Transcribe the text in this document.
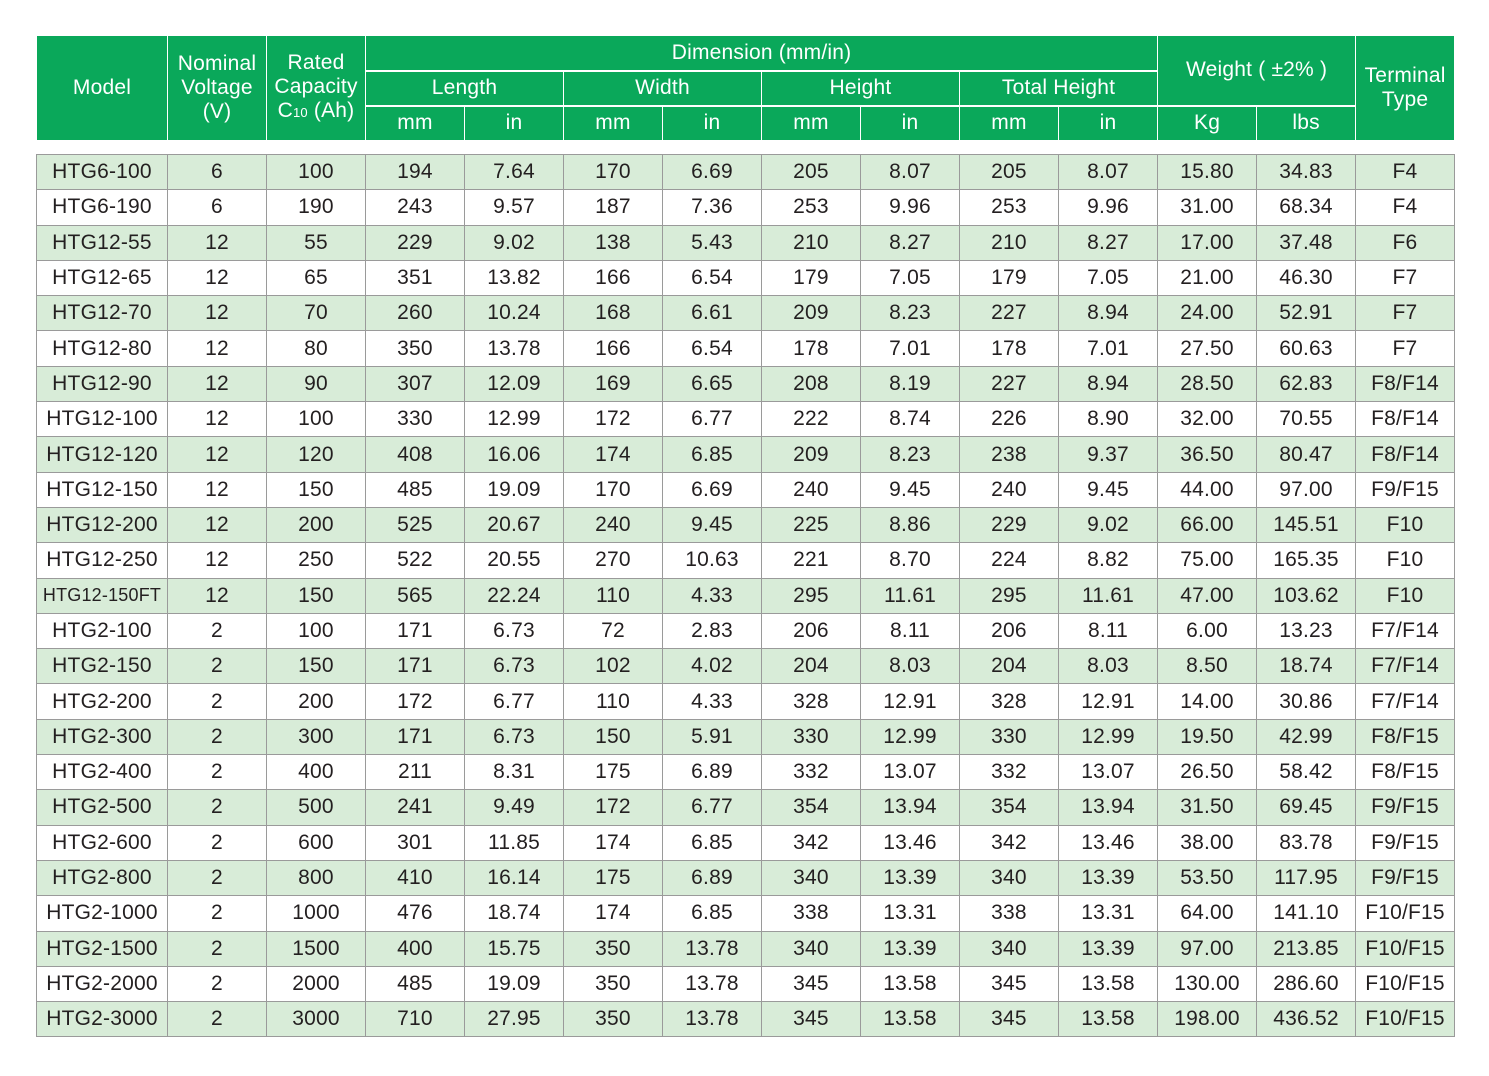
Model	Nominal
Voltage
(V)	Rated
Capacity
C10 (Ah)	Dimension (mm/in)								Weight ( ±2% )		Terminal
Type
			Length		Width		Height		Total Height				
			mm	in	mm	in	mm	in	mm	in	Kg	lbs	
HTG6-100	6	100	194	7.64	170	6.69	205	8.07	205	8.07	15.80	34.83	F4
HTG6-190	6	190	243	9.57	187	7.36	253	9.96	253	9.96	31.00	68.34	F4
HTG12-55	12	55	229	9.02	138	5.43	210	8.27	210	8.27	17.00	37.48	F6
HTG12-65	12	65	351	13.82	166	6.54	179	7.05	179	7.05	21.00	46.30	F7
HTG12-70	12	70	260	10.24	168	6.61	209	8.23	227	8.94	24.00	52.91	F7
HTG12-80	12	80	350	13.78	166	6.54	178	7.01	178	7.01	27.50	60.63	F7
HTG12-90	12	90	307	12.09	169	6.65	208	8.19	227	8.94	28.50	62.83	F8/F14
HTG12-100	12	100	330	12.99	172	6.77	222	8.74	226	8.90	32.00	70.55	F8/F14
HTG12-120	12	120	408	16.06	174	6.85	209	8.23	238	9.37	36.50	80.47	F8/F14
HTG12-150	12	150	485	19.09	170	6.69	240	9.45	240	9.45	44.00	97.00	F9/F15
HTG12-200	12	200	525	20.67	240	9.45	225	8.86	229	9.02	66.00	145.51	F10
HTG12-250	12	250	522	20.55	270	10.63	221	8.70	224	8.82	75.00	165.35	F10
HTG12-150FT	12	150	565	22.24	110	4.33	295	11.61	295	11.61	47.00	103.62	F10
HTG2-100	2	100	171	6.73	72	2.83	206	8.11	206	8.11	6.00	13.23	F7/F14
HTG2-150	2	150	171	6.73	102	4.02	204	8.03	204	8.03	8.50	18.74	F7/F14
HTG2-200	2	200	172	6.77	110	4.33	328	12.91	328	12.91	14.00	30.86	F7/F14
HTG2-300	2	300	171	6.73	150	5.91	330	12.99	330	12.99	19.50	42.99	F8/F15
HTG2-400	2	400	211	8.31	175	6.89	332	13.07	332	13.07	26.50	58.42	F8/F15
HTG2-500	2	500	241	9.49	172	6.77	354	13.94	354	13.94	31.50	69.45	F9/F15
HTG2-600	2	600	301	11.85	174	6.85	342	13.46	342	13.46	38.00	83.78	F9/F15
HTG2-800	2	800	410	16.14	175	6.89	340	13.39	340	13.39	53.50	117.95	F9/F15
HTG2-1000	2	1000	476	18.74	174	6.85	338	13.31	338	13.31	64.00	141.10	F10/F15
HTG2-1500	2	1500	400	15.75	350	13.78	340	13.39	340	13.39	97.00	213.85	F10/F15
HTG2-2000	2	2000	485	19.09	350	13.78	345	13.58	345	13.58	130.00	286.60	F10/F15
HTG2-3000	2	3000	710	27.95	350	13.78	345	13.58	345	13.58	198.00	436.52	F10/F15
